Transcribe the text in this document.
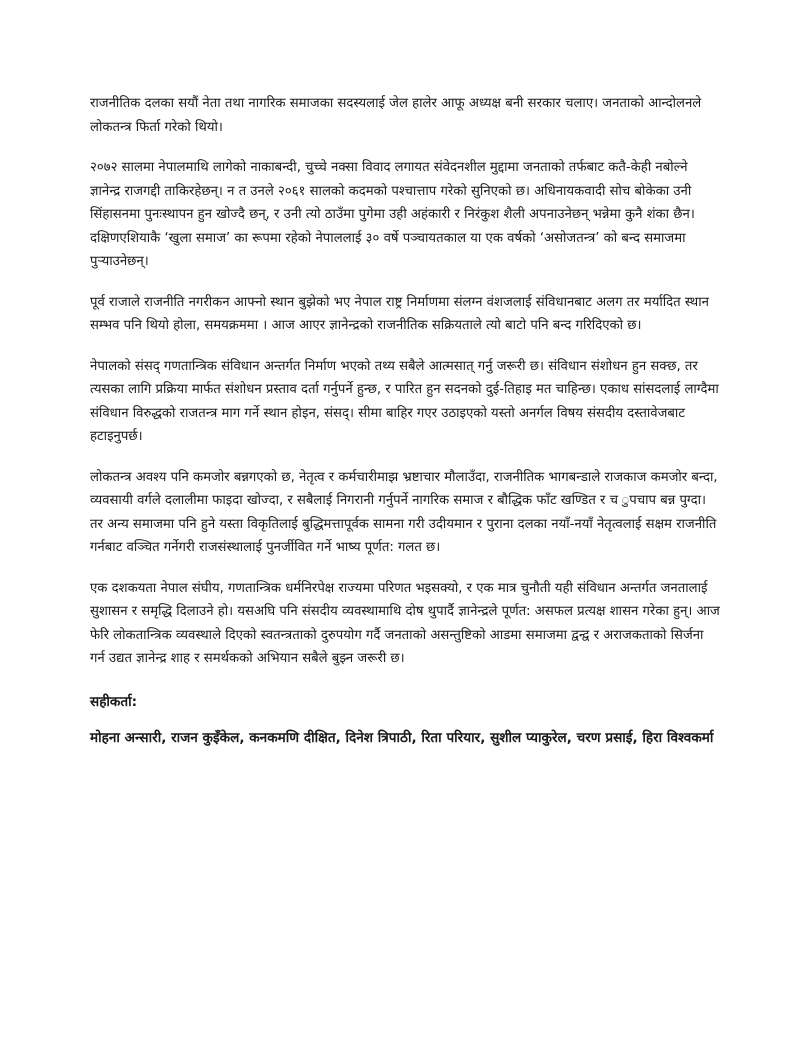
राजनीतिक दलका सयौं नेता तथा नागरिक समाजका सदस्यलाई जेल हालेर आफू अध्यक्ष बनी सरकार चलाए। जनताको आन्दोलनले लोकतन्त्र फिर्ता गरेको थियो।

२०७२ सालमा नेपालमाथि लागेको नाकाबन्दी, चुच्चे नक्सा विवाद लगायत संवेदनशील मुद्दामा जनताको तर्फबाट कतै-केही नबोल्ने ज्ञानेन्द्र राजगद्दी ताकिरहेछन्। न त उनले २०६१ सालको कदमको पश्चात्ताप गरेको सुनिएको छ। अधिनायकवादी सोच बोकेका उनी सिंहासनमा पुनःस्थापन हुन खोज्दै छन्, र उनी त्यो ठाउँमा पुगेमा उही अहंकारी र निरंकुश शैली अपनाउनेछन् भन्नेमा कुनै शंका छैन। दक्षिणएशियाकै ‘खुला समाज’ का रूपमा रहेको नेपाललाई ३० वर्षे पञ्चायतकाल या एक वर्षको ‘असोजतन्त्र’ को बन्द समाजमा पुर्‍याउनेछन्।

पूर्व राजाले राजनीति नगरीकन आफ्नो स्थान बुझेको भए नेपाल राष्ट्र निर्माणमा संलग्न वंशजलाई संविधानबाट अलग तर मर्यादित स्थान सम्भव पनि थियो होला, समयक्रममा । आज आएर ज्ञानेन्द्रको राजनीतिक सक्रियताले त्यो बाटो पनि बन्द गरिदिएको छ।

नेपालको संसद् गणतान्त्रिक संविधान अन्तर्गत निर्माण भएको तथ्य सबैले आत्मसात् गर्नु जरूरी छ। संविधान संशोधन हुन सक्छ, तर त्यसका लागि प्रक्रिया मार्फत संशोधन प्रस्ताव दर्ता गर्नुपर्ने हुन्छ, र पारित हुन सदनको दुई-तिहाइ मत चाहिन्छ। एकाध सांसदलाई लाग्दैमा संविधान विरुद्धको राजतन्त्र माग गर्ने स्थान होइन, संसद्। सीमा बाहिर गएर उठाइएको यस्तो अनर्गल विषय संसदीय दस्तावेजबाट हटाइनुपर्छ।

लोकतन्त्र अवश्य पनि कमजोर बन्नगएको छ, नेतृत्व र कर्मचारीमाझ भ्रष्टाचार मौलाउँदा, राजनीतिक भागबन्डाले राजकाज कमजोर बन्दा, व्यवसायी वर्गले दलालीमा फाइदा खोज्दा, र सबैलाई निगरानी गर्नुपर्ने नागरिक समाज र बौद्धिक फाँट खण्डित र च ुपचाप बन्न पुग्दा। तर अन्य समाजमा पनि हुने यस्ता विकृतिलाई बुद्धिमत्तापूर्वक सामना गरी उदीयमान र पुराना दलका नयाँ-नयाँ नेतृत्वलाई सक्षम राजनीति गर्नबाट वञ्चित गर्नेगरी राजसंस्थालाई पुनर्जीवित गर्ने भाष्य पूर्णत: गलत छ।

एक दशकयता नेपाल संघीय, गणतान्त्रिक धर्मनिरपेक्ष राज्यमा परिणत भइसक्यो, र एक मात्र चुनौती यही संविधान अन्तर्गत जनतालाई सुशासन र समृद्धि दिलाउने हो। यसअघि पनि संसदीय व्यवस्थामाथि दोष थुपार्दै ज्ञानेन्द्रले पूर्णत: असफल प्रत्यक्ष शासन गरेका हुन्। आज फेरि लोकतान्त्रिक व्यवस्थाले दिएको स्वतन्त्रताको दुरुपयोग गर्दै जनताको असन्तुष्टिको आडमा समाजमा द्वन्द्व र अराजकताको सिर्जना गर्न उद्यत ज्ञानेन्द्र शाह र समर्थकको अभियान सबैले बुझ्न जरूरी छ।

सहीकर्ता:

मोहना अन्सारी, राजन कुइँकेल, कनकमणि दीक्षित, दिनेश त्रिपाठी, रिता परियार, सुशील प्याकुरेल, चरण प्रसाई, हिरा विश्वकर्मा
